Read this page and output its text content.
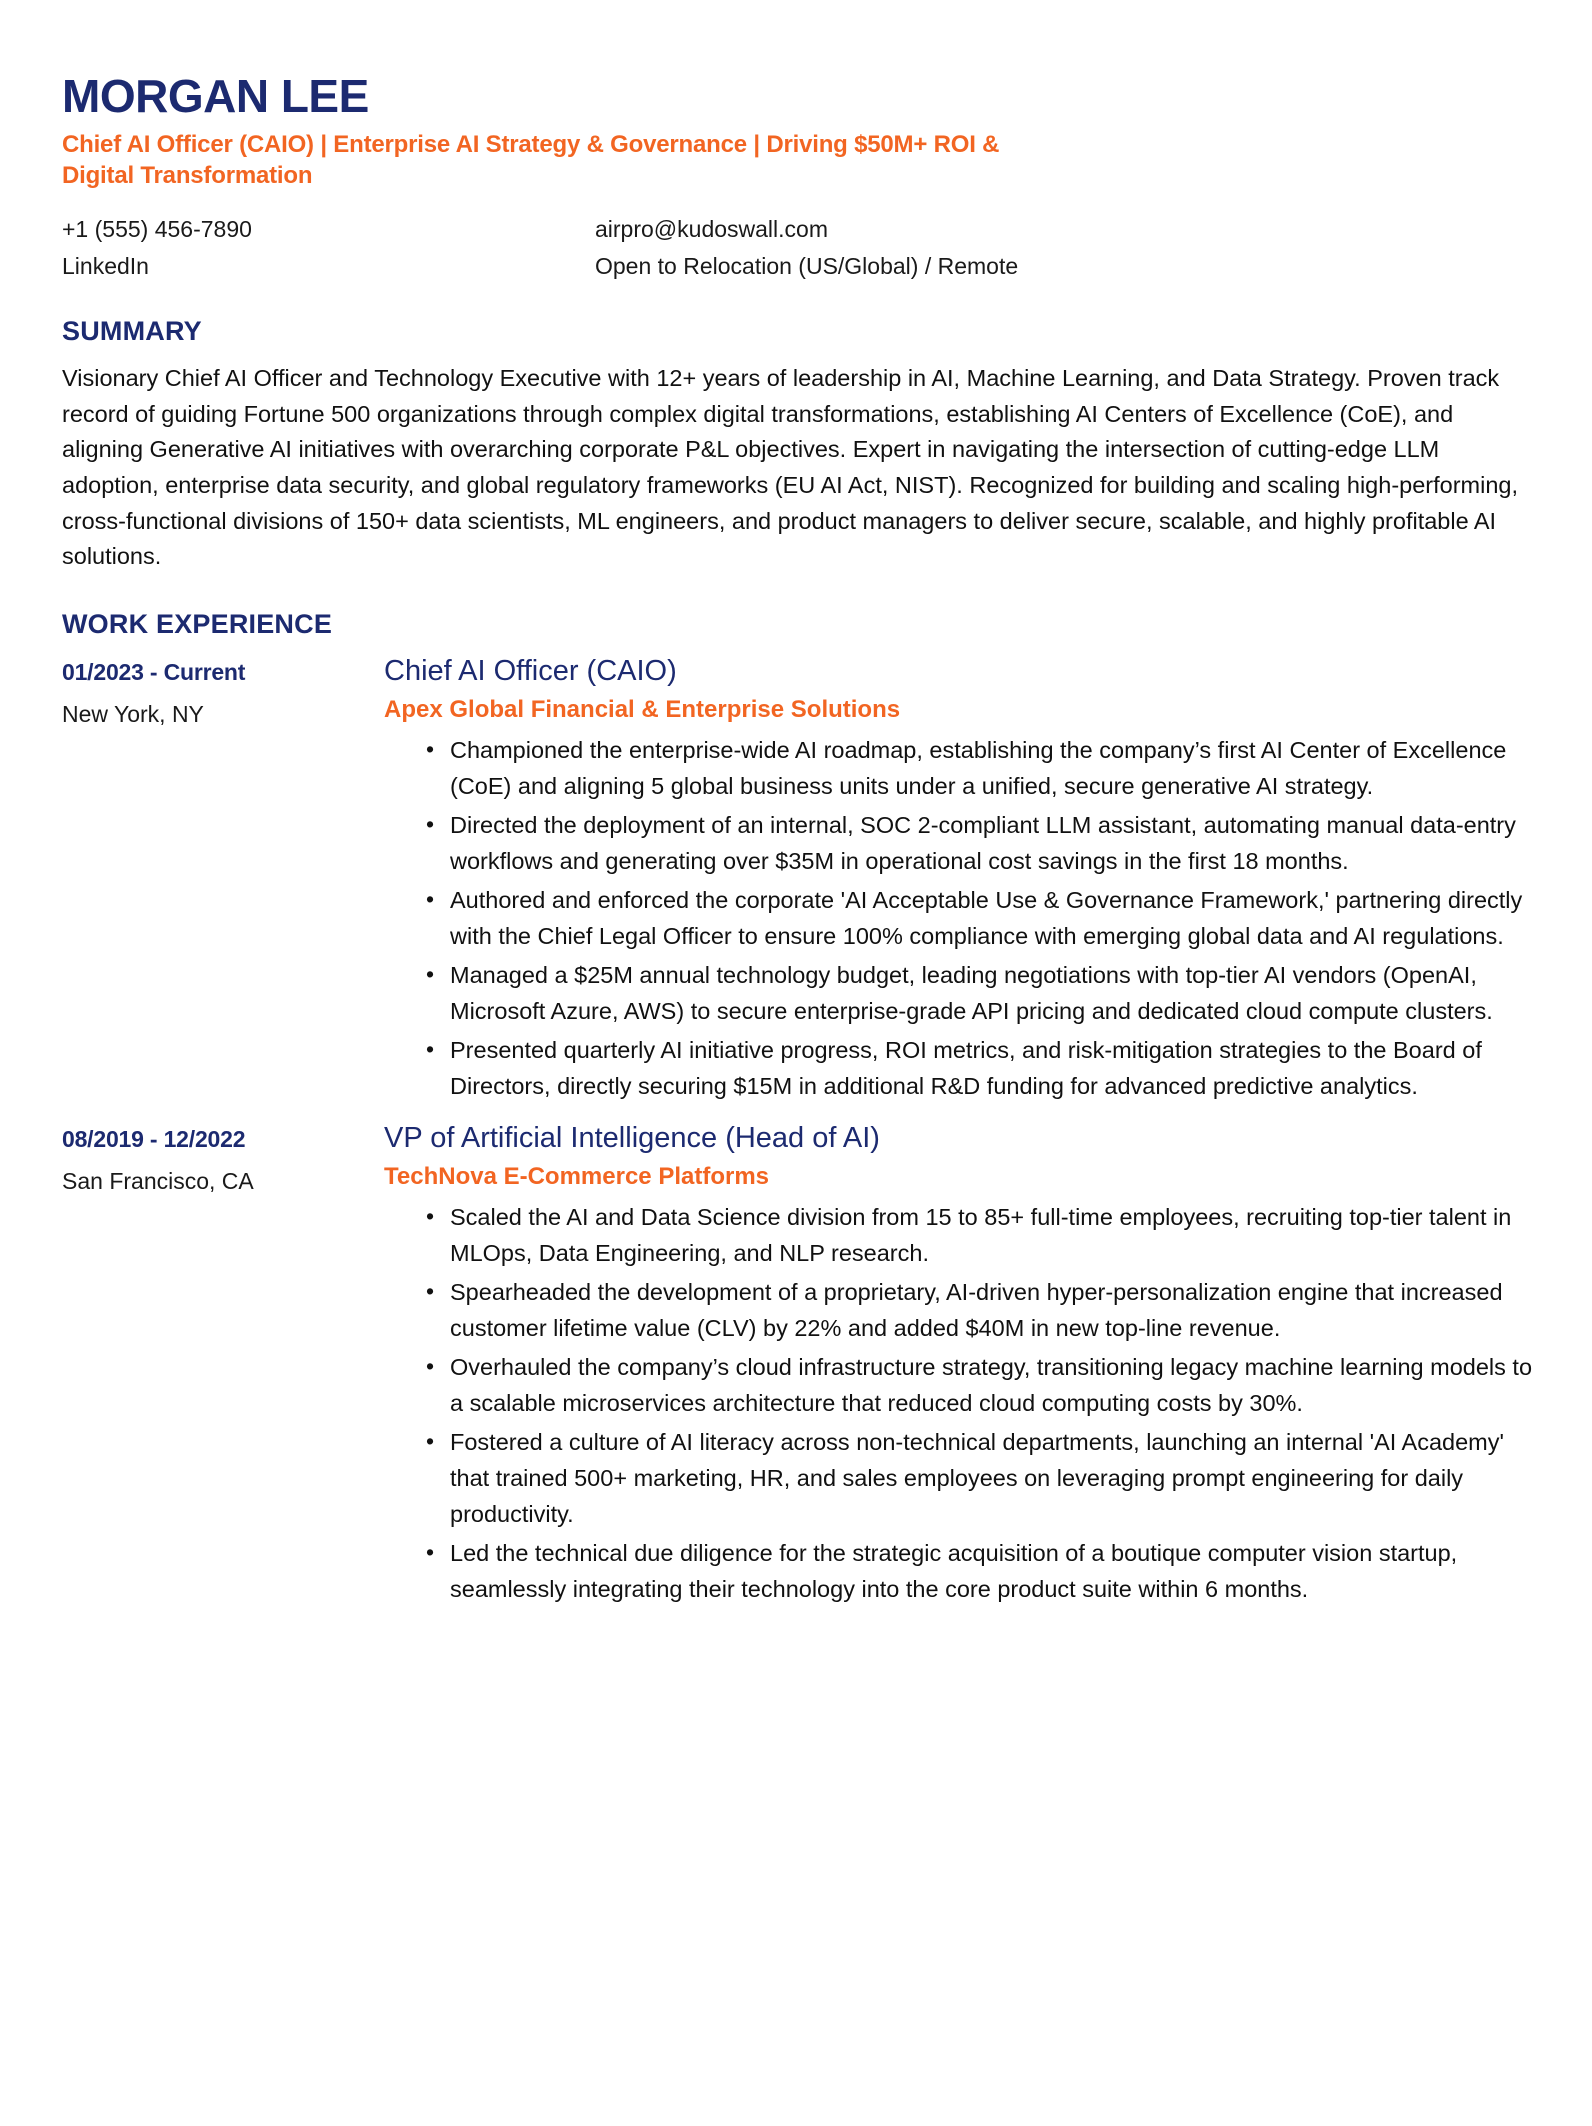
MORGAN LEE
Chief AI Officer (CAIO) | Enterprise AI Strategy & Governance | Driving $50M+ ROI & Digital Transformation
+1 (555) 456-7890	airpro@kudoswall.com
LinkedIn	Open to Relocation (US/Global) / Remote
SUMMARY

Visionary Chief AI Officer and Technology Executive with 12+ years of leadership in AI, Machine Learning, and Data Strategy. Proven track record of guiding Fortune 500 organizations through complex digital transformations, establishing AI Centers of Excellence (CoE), and aligning Generative AI initiatives with overarching corporate P&L objectives. Expert in navigating the intersection of cutting-edge LLM adoption, enterprise data security, and global regulatory frameworks (EU AI Act, NIST). Recognized for building and scaling high-performing, cross-functional divisions of 150+ data scientists, ML engineers, and product managers to deliver secure, scalable, and highly profitable AI solutions.

WORK EXPERIENCE
01/2023 - Current
New York, NY
Chief AI Officer (CAIO)
Apex Global Financial & Enterprise Solutions
• Championed the enterprise-wide AI roadmap, establishing the company’s first AI Center of Excellence (CoE) and aligning 5 global business units under a unified, secure generative AI strategy.
• Directed the deployment of an internal, SOC 2-compliant LLM assistant, automating manual data-entry workflows and generating over $35M in operational cost savings in the first 18 months.
• Authored and enforced the corporate 'AI Acceptable Use & Governance Framework,' partnering directly with the Chief Legal Officer to ensure 100% compliance with emerging global data and AI regulations.
• Managed a $25M annual technology budget, leading negotiations with top-tier AI vendors (OpenAI, Microsoft Azure, AWS) to secure enterprise-grade API pricing and dedicated cloud compute clusters.
• Presented quarterly AI initiative progress, ROI metrics, and risk-mitigation strategies to the Board of Directors, directly securing $15M in additional R&D funding for advanced predictive analytics.
08/2019 - 12/2022
San Francisco, CA
VP of Artificial Intelligence (Head of AI)
TechNova E-Commerce Platforms
• Scaled the AI and Data Science division from 15 to 85+ full-time employees, recruiting top-tier talent in MLOps, Data Engineering, and NLP research.
• Spearheaded the development of a proprietary, AI-driven hyper-personalization engine that increased customer lifetime value (CLV) by 22% and added $40M in new top-line revenue.
• Overhauled the company’s cloud infrastructure strategy, transitioning legacy machine learning models to a scalable microservices architecture that reduced cloud computing costs by 30%.
• Fostered a culture of AI literacy across non-technical departments, launching an internal 'AI Academy' that trained 500+ marketing, HR, and sales employees on leveraging prompt engineering for daily productivity.
• Led the technical due diligence for the strategic acquisition of a boutique computer vision startup, seamlessly integrating their technology into the core product suite within 6 months.
